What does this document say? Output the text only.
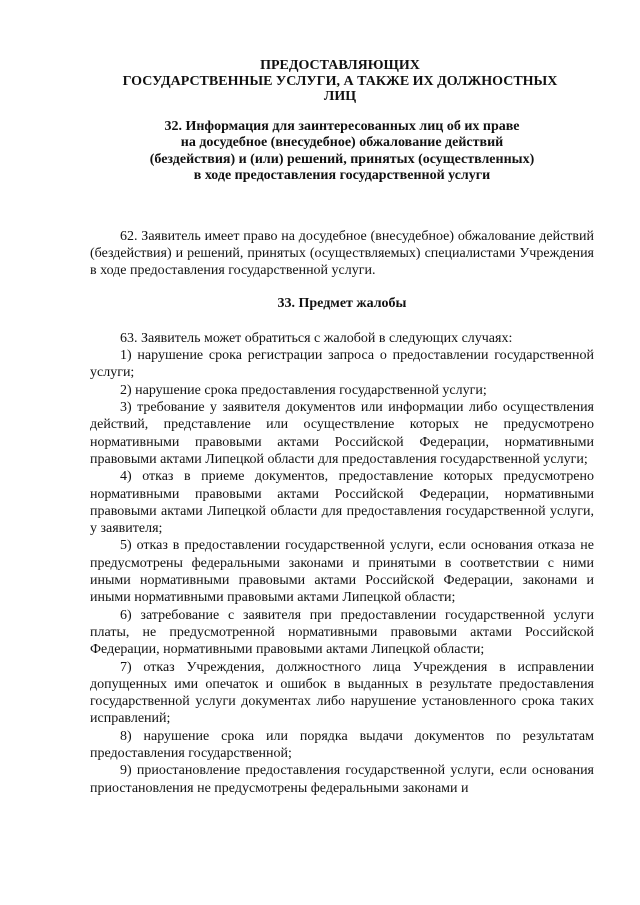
ПРЕДОСТАВЛЯЮЩИХ
ГОСУДАРСТВЕННЫЕ УСЛУГИ, А ТАКЖЕ ИХ ДОЛЖНОСТНЫХ
ЛИЦ
32. Информация для заинтересованных лиц об их праве
на досудебное (внесудебное) обжалование действий
(бездействия) и (или) решений, принятых (осуществленных)
в ходе предоставления государственной услуги

62. Заявитель имеет право на досудебное (внесудебное) обжалование действий (бездействия) и решений, принятых (осуществляемых) специалистами Учреждения в ходе предоставления государственной услуги.

33. Предмет жалобы

63. Заявитель может обратиться с жалобой в следующих случаях:

1) нарушение срока регистрации запроса о предоставлении государственной услуги;

2) нарушение срока предоставления государственной услуги;

3) требование у заявителя документов или информации либо осуществления действий, представление или осуществление которых не предусмотрено нормативными правовыми актами Российской Федерации, нормативными правовыми актами Липецкой области для предоставления государственной услуги;

4) отказ в приеме документов, предоставление которых предусмотрено нормативными правовыми актами Российской Федерации, нормативными правовыми актами Липецкой области для предоставления государственной услуги, у заявителя;

5) отказ в предоставлении государственной услуги, если основания отказа не предусмотрены федеральными законами и принятыми в соответствии с ними иными нормативными правовыми актами Российской Федерации, законами и иными нормативными правовыми актами Липецкой области;

6) затребование с заявителя при предоставлении государственной услуги платы, не предусмотренной нормативными правовыми актами Российской Федерации, нормативными правовыми актами Липецкой области;

7) отказ Учреждения, должностного лица Учреждения в исправлении допущенных ими опечаток и ошибок в выданных в результате предоставления государственной услуги документах либо нарушение установленного срока таких исправлений;

8) нарушение срока или порядка выдачи документов по результатам предоставления государственной;

9) приостановление предоставления государственной услуги, если основания приостановления не предусмотрены федеральными законами и
